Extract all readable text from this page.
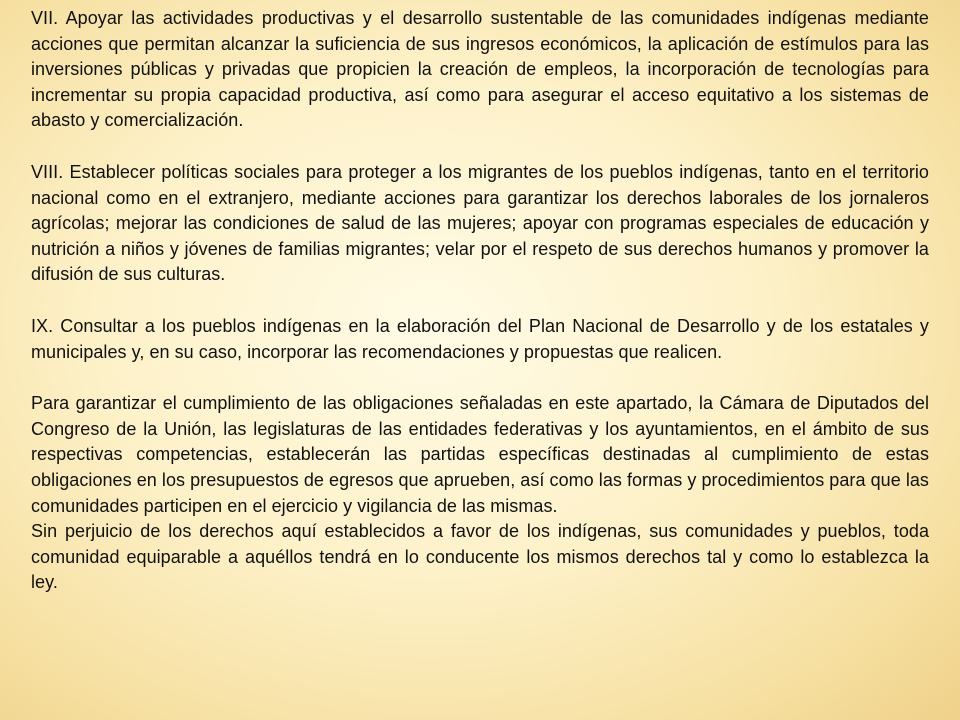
VII. Apoyar las actividades productivas y el desarrollo sustentable de las comunidades indígenas mediante acciones que permitan alcanzar la suficiencia de sus ingresos económicos, la aplicación de estímulos para las inversiones públicas y privadas que propicien la creación de empleos, la incorporación de tecnologías para incrementar su propia capacidad productiva, así como para asegurar el acceso equitativo a los sistemas de abasto y comercialización.

VIII. Establecer políticas sociales para proteger a los migrantes de los pueblos indígenas, tanto en el territorio nacional como en el extranjero, mediante acciones para garantizar los derechos laborales de los jornaleros agrícolas; mejorar las condiciones de salud de las mujeres; apoyar con programas especiales de educación y nutrición a niños y jóvenes de familias migrantes; velar por el respeto de sus derechos humanos y promover la difusión de sus culturas.

IX. Consultar a los pueblos indígenas en la elaboración del Plan Nacional de Desarrollo y de los estatales y municipales y, en su caso, incorporar las recomendaciones y propuestas que realicen.

Para garantizar el cumplimiento de las obligaciones señaladas en este apartado, la Cámara de Diputados del Congreso de la Unión, las legislaturas de las entidades federativas y los ayuntamientos, en el ámbito de sus respectivas competencias, establecerán las partidas específicas destinadas al cumplimiento de estas obligaciones en los presupuestos de egresos que aprueben, así como las formas y procedimientos para que las comunidades participen en el ejercicio y vigilancia de las mismas.

Sin perjuicio de los derechos aquí establecidos a favor de los indígenas, sus comunidades y pueblos, toda comunidad equiparable a aquéllos tendrá en lo conducente los mismos derechos tal y como lo establezca la ley.
